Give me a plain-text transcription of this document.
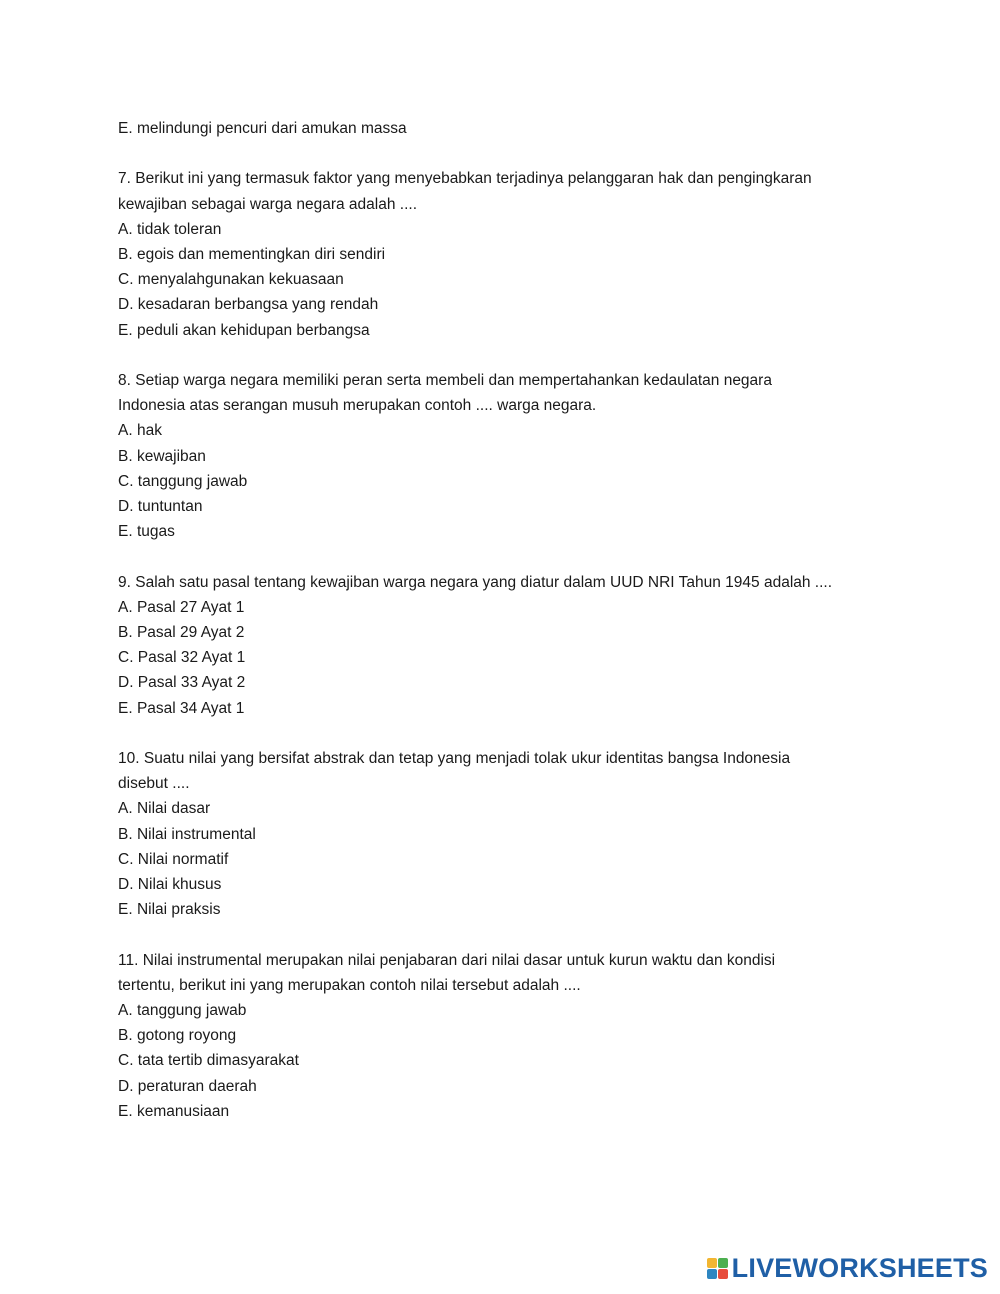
E. melindungi pencuri dari amukan massa
7. Berikut ini yang termasuk faktor yang menyebabkan terjadinya pelanggaran hak dan pengingkaran
kewajiban sebagai warga negara adalah ....
A. tidak toleran
B. egois dan mementingkan diri sendiri
C. menyalahgunakan kekuasaan
D. kesadaran berbangsa yang rendah
E. peduli akan kehidupan berbangsa
8. Setiap warga negara memiliki peran serta membeli dan mempertahankan kedaulatan negara
Indonesia atas serangan musuh merupakan contoh .... warga negara.
A. hak
B. kewajiban
C. tanggung jawab
D. tuntuntan
E. tugas
9. Salah satu pasal tentang kewajiban warga negara yang diatur dalam UUD NRI Tahun 1945 adalah ....
A. Pasal 27 Ayat 1
B. Pasal 29 Ayat 2
C. Pasal 32 Ayat 1
D. Pasal 33 Ayat 2
E. Pasal 34 Ayat 1
10. Suatu nilai yang bersifat abstrak dan tetap yang menjadi tolak ukur identitas bangsa Indonesia
disebut ....
A. Nilai dasar
B. Nilai instrumental
C. Nilai normatif
D. Nilai khusus
E. Nilai praksis
11. Nilai instrumental merupakan nilai penjabaran dari nilai dasar untuk kurun waktu dan kondisi
tertentu, berikut ini yang merupakan contoh nilai tersebut adalah ....
A. tanggung jawab
B. gotong royong
C. tata tertib dimasyarakat
D. peraturan daerah
E. kemanusiaan
LIVEWORKSHEETS
